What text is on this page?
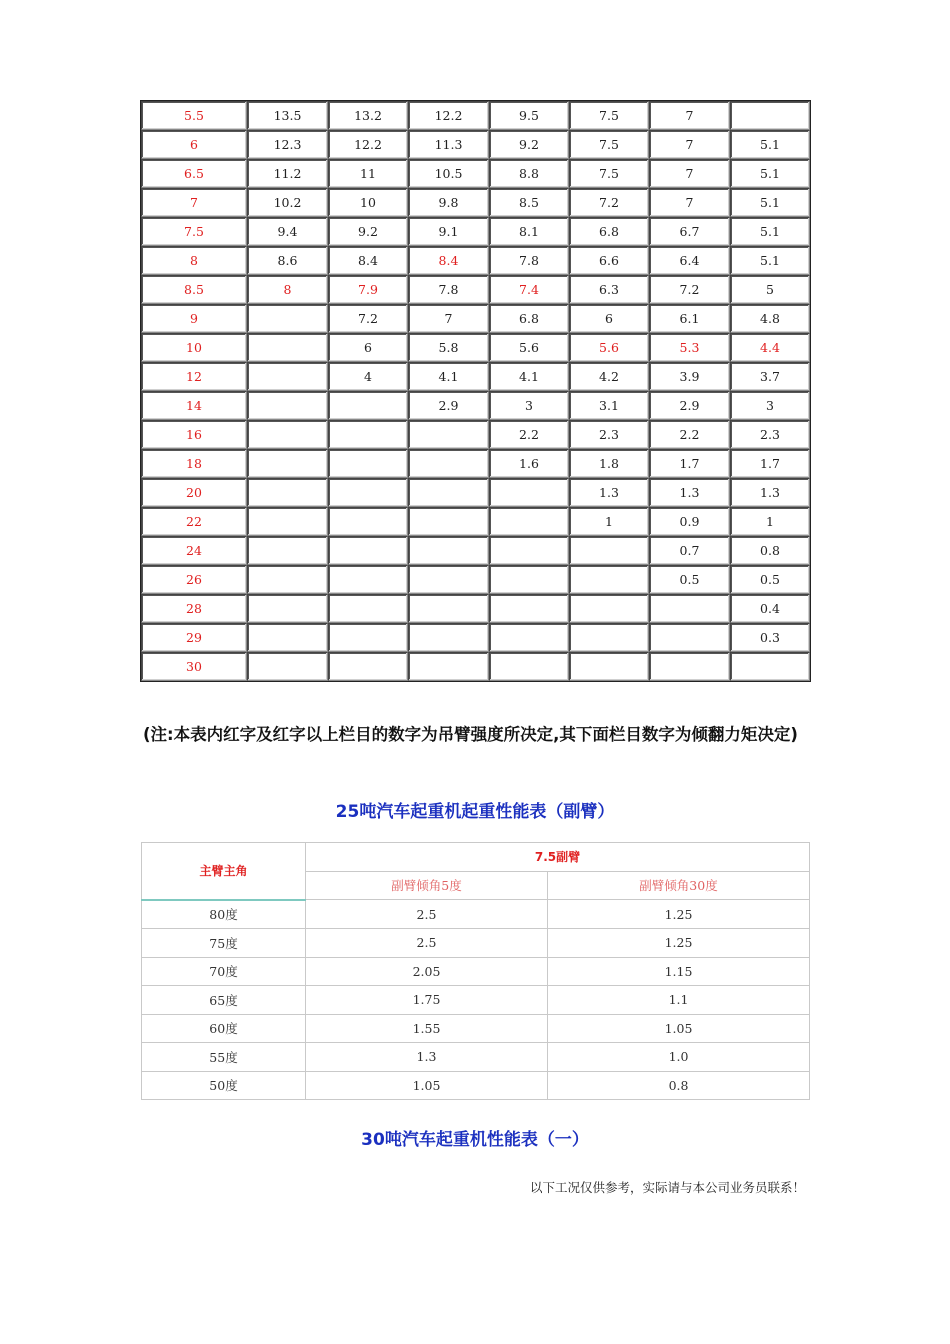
5.5	13.5	13.2	12.2	9.5	7.5	7	
6	12.3	12.2	11.3	9.2	7.5	7	5.1
6.5	11.2	11	10.5	8.8	7.5	7	5.1
7	10.2	10	9.8	8.5	7.2	7	5.1
7.5	9.4	9.2	9.1	8.1	6.8	6.7	5.1
8	8.6	8.4	8.4	7.8	6.6	6.4	5.1
8.5	8	7.9	7.8	7.4	6.3	7.2	5
9		7.2	7	6.8	6	6.1	4.8
10		6	5.8	5.6	5.6	5.3	4.4
12		4	4.1	4.1	4.2	3.9	3.7
14			2.9	3	3.1	2.9	3
16				2.2	2.3	2.2	2.3
18				1.6	1.8	1.7	1.7
20					1.3	1.3	1.3
22					1	0.9	1
24						0.7	0.8
26						0.5	0.5
28							0.4
29							0.3
30							
(注:本表内红字及红字以上栏目的数字为吊臂强度所决定,其下面栏目数字为倾翻力矩决定)
25吨汽车起重机起重性能表（副臂）
主臂主角	7.5副臂	
	副臂倾角5度	副臂倾角30度
80度	2.5	1.25
75度	2.5	1.25
70度	2.05	1.15
65度	1.75	1.1
60度	1.55	1.05
55度	1.3	1.0
50度	1.05	0.8
30吨汽车起重机性能表（一）
以下工况仅供参考，实际请与本公司业务员联系！
